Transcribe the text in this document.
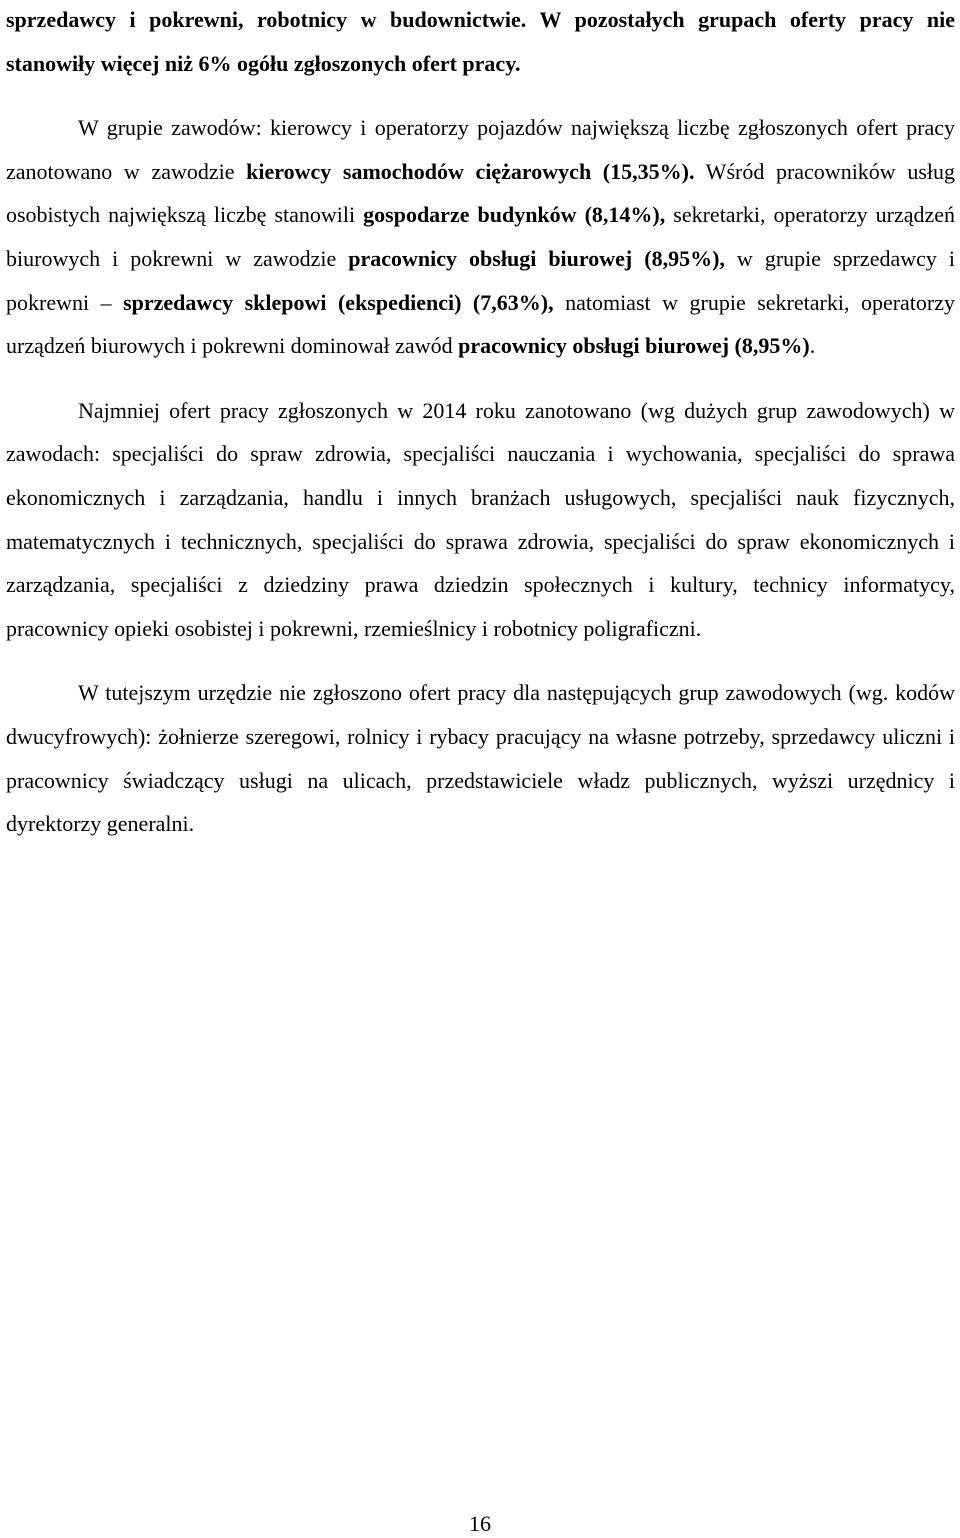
sprzedawcy i pokrewni, robotnicy w budownictwie. W pozostałych grupach oferty pracy nie stanowiły więcej niż 6% ogółu zgłoszonych ofert pracy.

W grupie zawodów: kierowcy i operatorzy pojazdów największą liczbę zgłoszonych ofert pracy zanotowano w zawodzie kierowcy samochodów ciężarowych (15,35%). Wśród pracowników usług osobistych największą liczbę stanowili gospodarze budynków (8,14%), sekretarki, operatorzy urządzeń biurowych i pokrewni w zawodzie pracownicy obsługi biurowej (8,95%), w grupie sprzedawcy i pokrewni – sprzedawcy sklepowi (ekspedienci) (7,63%), natomiast w grupie sekretarki, operatorzy urządzeń biurowych i pokrewni dominował zawód pracownicy obsługi biurowej (8,95%).

Najmniej ofert pracy zgłoszonych w 2014 roku zanotowano (wg dużych grup zawodowych) w zawodach: specjaliści do spraw zdrowia, specjaliści nauczania i wychowania, specjaliści do sprawa ekonomicznych i zarządzania, handlu i innych branżach usługowych, specjaliści nauk fizycznych, matematycznych i technicznych, specjaliści do sprawa zdrowia, specjaliści do spraw ekonomicznych i zarządzania, specjaliści z dziedziny prawa dziedzin społecznych i kultury, technicy informatycy, pracownicy opieki osobistej i pokrewni, rzemieślnicy i robotnicy poligraficzni.

W tutejszym urzędzie nie zgłoszono ofert pracy dla następujących grup zawodowych (wg. kodów dwucyfrowych): żołnierze szeregowi, rolnicy i rybacy pracujący na własne potrzeby, sprzedawcy uliczni i pracownicy świadczący usługi na ulicach, przedstawiciele władz publicznych, wyższi urzędnicy i dyrektorzy generalni.

16
